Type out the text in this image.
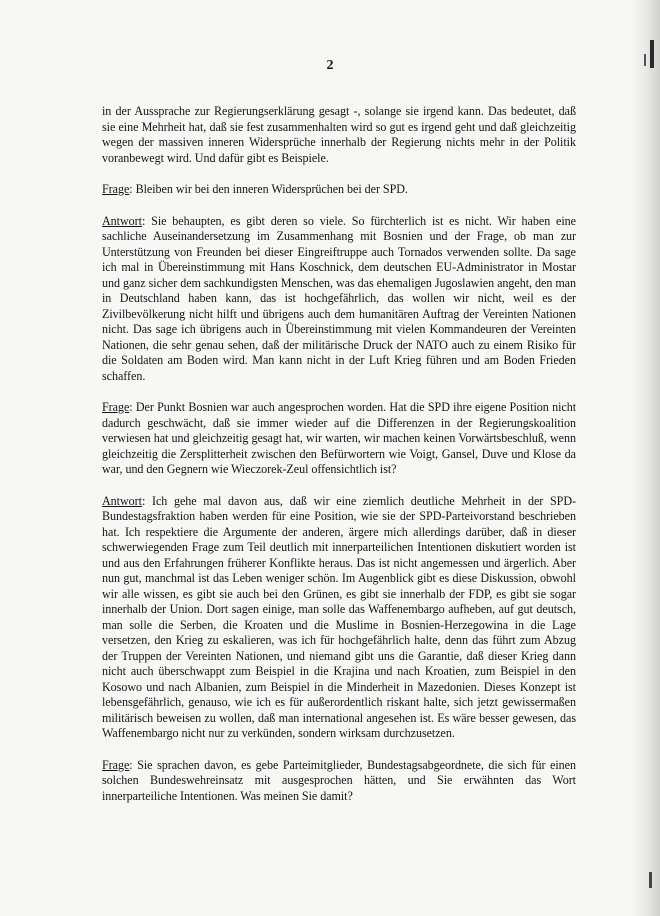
2

in der Aussprache zur Regierungserklärung gesagt -, solange sie irgend kann. Das bedeutet, daß sie eine Mehrheit hat, daß sie fest zusammenhalten wird so gut es irgend geht und daß gleichzeitig wegen der massiven inneren Widersprüche innerhalb der Regierung nichts mehr in der Politik voranbewegt wird. Und dafür gibt es Beispiele.

Frage: Bleiben wir bei den inneren Widersprüchen bei der SPD.

Antwort: Sie behaupten, es gibt deren so viele. So fürchterlich ist es nicht. Wir haben eine sachliche Auseinandersetzung im Zusammenhang mit Bosnien und der Frage, ob man zur Unterstützung von Freunden bei dieser Eingreiftruppe auch Tornados verwenden sollte. Da sage ich mal in Übereinstimmung mit Hans Koschnick, dem deutschen EU-Administrator in Mostar und ganz sicher dem sachkundigsten Menschen, was das ehemaligen Jugoslawien angeht, den man in Deutschland haben kann, das ist hochgefährlich, das wollen wir nicht, weil es der Zivilbevölkerung nicht hilft und übrigens auch dem humanitären Auftrag der Vereinten Nationen nicht. Das sage ich übrigens auch in Übereinstimmung mit vielen Kommandeuren der Vereinten Nationen, die sehr genau sehen, daß der militärische Druck der NATO auch zu einem Risiko für die Soldaten am Boden wird. Man kann nicht in der Luft Krieg führen und am Boden Frieden schaffen.

Frage: Der Punkt Bosnien war auch angesprochen worden. Hat die SPD ihre eigene Position nicht dadurch geschwächt, daß sie immer wieder auf die Differenzen in der Regierungskoalition verwiesen hat und gleichzeitig gesagt hat, wir warten, wir machen keinen Vorwärtsbeschluß, wenn gleichzeitig die Zersplitterheit zwischen den Befürwortern wie Voigt, Gansel, Duve und Klose da war, und den Gegnern wie Wieczorek-Zeul offensichtlich ist?

Antwort: Ich gehe mal davon aus, daß wir eine ziemlich deutliche Mehrheit in der SPD-Bundestagsfraktion haben werden für eine Position, wie sie der SPD-Parteivorstand beschrieben hat. Ich respektiere die Argumente der anderen, ärgere mich allerdings darüber, daß in dieser schwerwiegenden Frage zum Teil deutlich mit innerparteilichen Intentionen diskutiert worden ist und aus den Erfahrungen früherer Konflikte heraus. Das ist nicht angemessen und ärgerlich. Aber nun gut, manchmal ist das Leben weniger schön. Im Augenblick gibt es diese Diskussion, obwohl wir alle wissen, es gibt sie auch bei den Grünen, es gibt sie innerhalb der FDP, es gibt sie sogar innerhalb der Union. Dort sagen einige, man solle das Waffenembargo aufheben, auf gut deutsch, man solle die Serben, die Kroaten und die Muslime in Bosnien-Herzegowina in die Lage versetzen, den Krieg zu eskalieren, was ich für hochgefährlich halte, denn das führt zum Abzug der Truppen der Vereinten Nationen, und niemand gibt uns die Garantie, daß dieser Krieg dann nicht auch überschwappt zum Beispiel in die Krajina und nach Kroatien, zum Beispiel in den Kosowo und nach Albanien, zum Beispiel in die Minderheit in Mazedonien. Dieses Konzept ist lebensgefährlich, genauso, wie ich es für außerordentlich riskant halte, sich jetzt gewissermaßen militärisch beweisen zu wollen, daß man international angesehen ist. Es wäre besser gewesen, das Waffenembargo nicht nur zu verkünden, sondern wirksam durchzusetzen.

Frage: Sie sprachen davon, es gebe Parteimitglieder, Bundestagsabgeordnete, die sich für einen solchen Bundeswehreinsatz mit ausgesprochen hätten, und Sie erwähnten das Wort innerparteiliche Intentionen. Was meinen Sie damit?
